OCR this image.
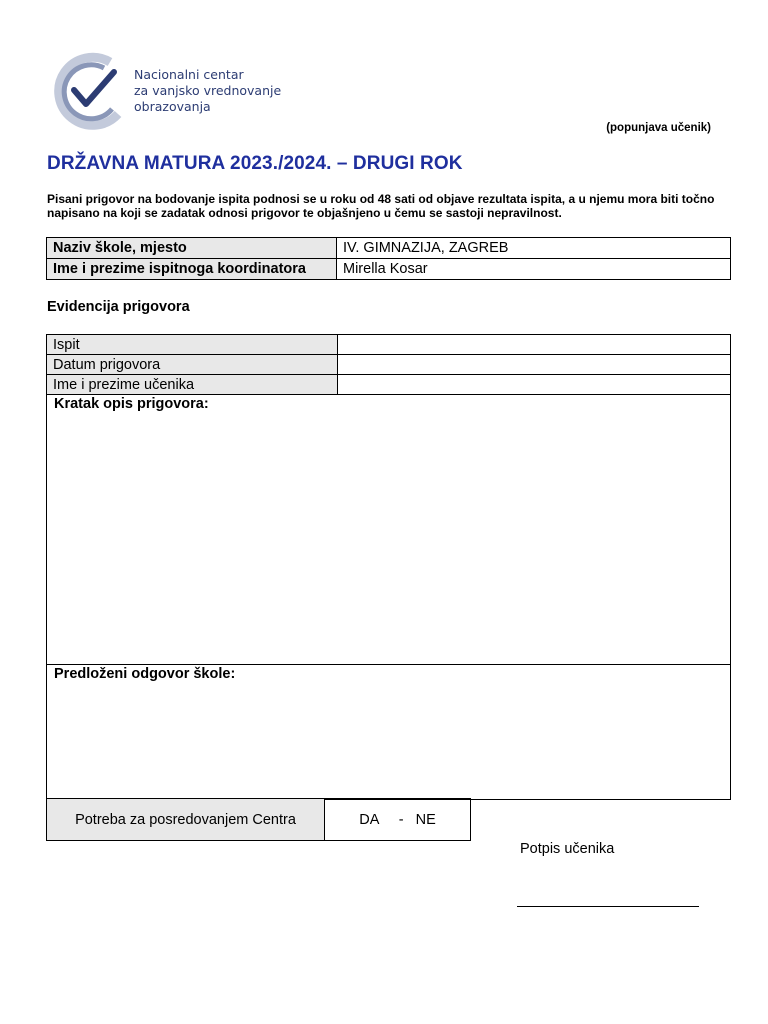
Nacionalni centar
za vanjsko vrednovanje
obrazovanja
(popunjava učenik)
DRŽAVNA MATURA 2023./2024. – DRUGI ROK
Pisani prigovor na bodovanje ispita podnosi se u roku od 48 sati od objave rezultata ispita, a u njemu mora biti točno napisano na koji se zadatak odnosi prigovor te objašnjeno u čemu se sastoji nepravilnost.
Naziv škole, mjesto	IV. GIMNAZIJA, ZAGREB
Ime i prezime ispitnoga koordinatora	Mirella Kosar
Evidencija prigovora
Ispit	
Datum prigovora	
Ime i prezime učenika	
Kratak opis prigovora:
Predloženi odgovor škole:
Potreba za posredovanjem Centra	DA     -   NE
Potpis učenika
